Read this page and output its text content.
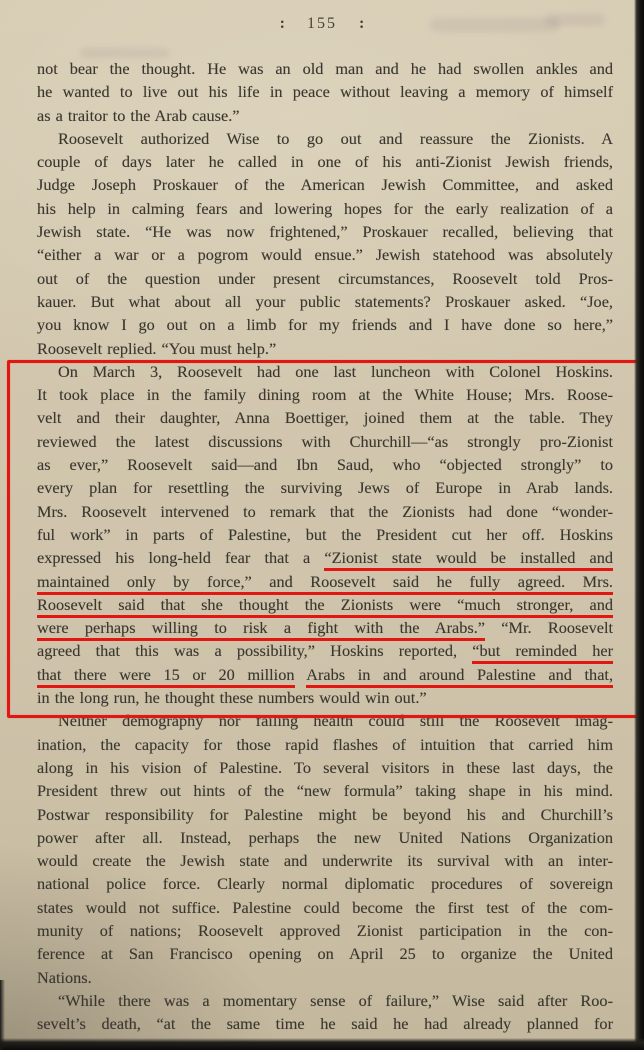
: 155 :
not bear the thought. He was an old man and he had swollen ankles and
he wanted to live out his life in peace without leaving a memory of himself
as a traitor to the Arab cause.”
Roosevelt authorized Wise to go out and reassure the Zionists. A
couple of days later he called in one of his anti-Zionist Jewish friends,
Judge Joseph Proskauer of the American Jewish Committee, and asked
his help in calming fears and lowering hopes for the early realization of a
Jewish state. “He was now frightened,” Proskauer recalled, believing that
“either a war or a pogrom would ensue.” Jewish statehood was absolutely
out of the question under present circumstances, Roosevelt told Pros-
kauer. But what about all your public statements? Proskauer asked. “Joe,
you know I go out on a limb for my friends and I have done so here,”
Roosevelt replied. “You must help.”
On March 3, Roosevelt had one last luncheon with Colonel Hoskins.
It took place in the family dining room at the White House; Mrs. Roose-
velt and their daughter, Anna Boettiger, joined them at the table. They
reviewed the latest discussions with Churchill—“as strongly pro-Zionist
as ever,” Roosevelt said—and Ibn Saud, who “objected strongly” to
every plan for resettling the surviving Jews of Europe in Arab lands.
Mrs. Roosevelt intervened to remark that the Zionists had done “wonder-
ful work” in parts of Palestine, but the President cut her off. Hoskins
expressed his long-held fear that a “Zionist state would be installed and
maintained only by force,” and Roosevelt said he fully agreed. Mrs.
Roosevelt said that she thought the Zionists were “much stronger, and
were perhaps willing to risk a fight with the Arabs.” “Mr. Roosevelt
agreed that this was a possibility,” Hoskins reported, “but reminded her
that there were 15 or 20 million Arabs in and around Palestine and that,
in the long run, he thought these numbers would win out.”
Neither demography nor failing health could still the Roosevelt imag-
ination, the capacity for those rapid flashes of intuition that carried him
along in his vision of Palestine. To several visitors in these last days, the
President threw out hints of the “new formula” taking shape in his mind.
Postwar responsibility for Palestine might be beyond his and Churchill’s
power after all. Instead, perhaps the new United Nations Organization
would create the Jewish state and underwrite its survival with an inter-
national police force. Clearly normal diplomatic procedures of sovereign
states would not suffice. Palestine could become the first test of the com-
munity of nations; Roosevelt approved Zionist participation in the con-
ference at San Francisco opening on April 25 to organize the United
Nations.
“While there was a momentary sense of failure,” Wise said after Roo-
sevelt’s death, “at the same time he said he had already planned for
